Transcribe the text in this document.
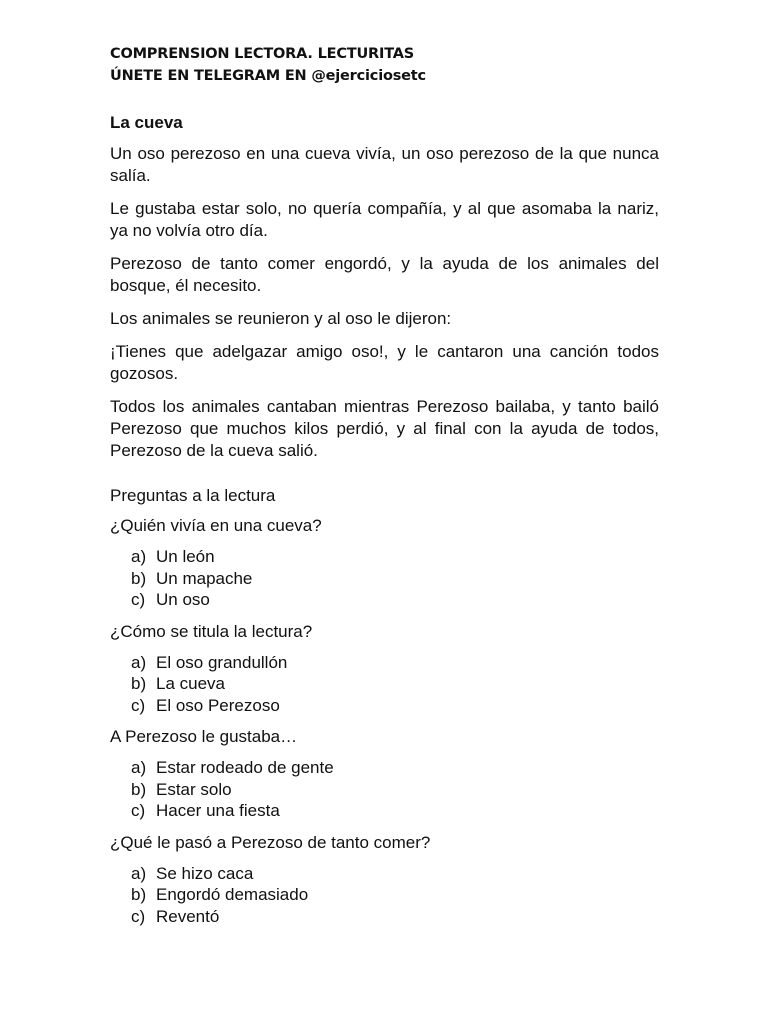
COMPRENSION LECTORA. LECTURITAS
ÚNETE EN TELEGRAM EN @ejerciciosetc
La cueva

Un oso perezoso en una cueva vivía, un oso perezoso de la que nunca salía.

Le gustaba estar solo, no quería compañía, y al que asomaba la nariz, ya no volvía otro día.

Perezoso de tanto comer engordó, y la ayuda de los animales del bosque, él necesito.

Los animales se reunieron y al oso le dijeron:

¡Tienes que adelgazar amigo oso!, y le cantaron una canción todos gozosos.

Todos los animales cantaban mientras Perezoso bailaba, y tanto bailó Perezoso que muchos kilos perdió, y al final con la ayuda de todos, Perezoso de la cueva salió.

Preguntas a la lectura
¿Quién vivía en una cueva?
a) Un león
b) Un mapache
c) Un oso
¿Cómo se titula la lectura?
a) El oso grandullón
b) La cueva
c) El oso Perezoso
A Perezoso le gustaba…
a) Estar rodeado de gente
b) Estar solo
c) Hacer una fiesta
¿Qué le pasó a Perezoso de tanto comer?
a) Se hizo caca
b) Engordó demasiado
c) Reventó
